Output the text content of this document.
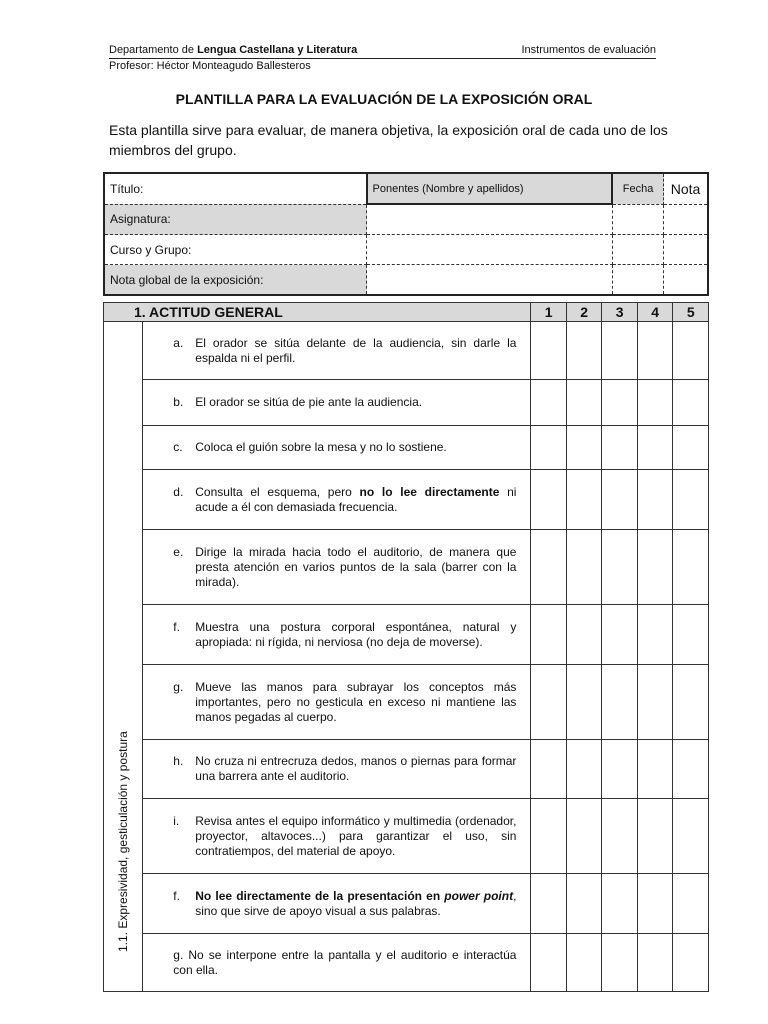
Departamento de Lengua Castellana y Literatura	Instrumentos de evaluación
Profesor: Héctor Monteagudo Ballesteros
PLANTILLA PARA LA EVALUACIÓN DE LA EXPOSICIÓN ORAL
Esta plantilla sirve para evaluar, de manera objetiva, la exposición oral de cada uno de los miembros del grupo.
Título:	Ponentes (Nombre y apellidos)	Fecha	Nota
Asignatura:			
Curso y Grupo:			
Nota global de la exposición:			
1. ACTITUD GENERAL		1	2	3	4	5

1.1. Expresividad, gesticulación y postura	a. El orador se sitúa delante de la audiencia, sin darle la espalda ni el perfil.					

	b. El orador se sitúa de pie ante la audiencia.					

	c. Coloca el guión sobre la mesa y no lo sostiene.					

	d. Consulta el esquema, pero no lo lee directamente ni acude a él con demasiada frecuencia.					

	e. Dirige la mirada hacia todo el auditorio, de manera que presta atención en varios puntos de la sala (barrer con la mirada).					

	f. Muestra una postura corporal espontánea, natural y apropiada: ni rígida, ni nerviosa (no deja de moverse).					

	g. Mueve las manos para subrayar los conceptos más importantes, pero no gesticula en exceso ni mantiene las manos pegadas al cuerpo.					

	h. No cruza ni entrecruza dedos, manos o piernas para formar una barrera ante el auditorio.					

	i. Revisa antes el equipo informático y multimedia (ordenador, proyector, altavoces...) para garantizar el uso, sin contratiempos, del material de apoyo.					

	f. No lee directamente de la presentación en power point, sino que sirve de apoyo visual a sus palabras.					

	g. No se interpone entre la pantalla y el auditorio e interactúa con ella.					
